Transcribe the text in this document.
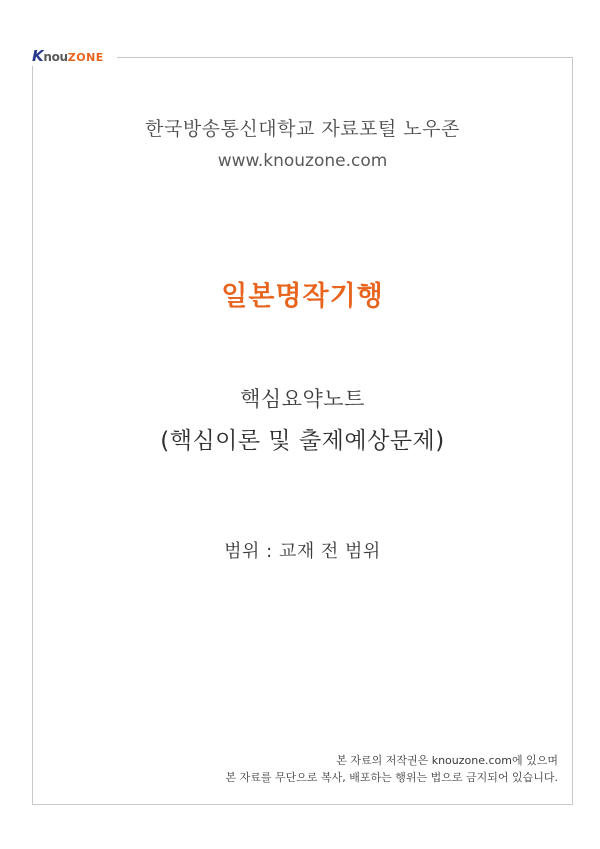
한국방송통신대학교 자료포털 노우존
www.knouzone.com
일본명작기행
핵심요약노트
(핵심이론 및 출제예상문제)
범위 : 교재 전 범위
본 자료의 저작권은 knouzone.com에 있으며
본 자료를 무단으로 복사, 배포하는 행위는 법으로 금지되어 있습니다.
KnouZONE
